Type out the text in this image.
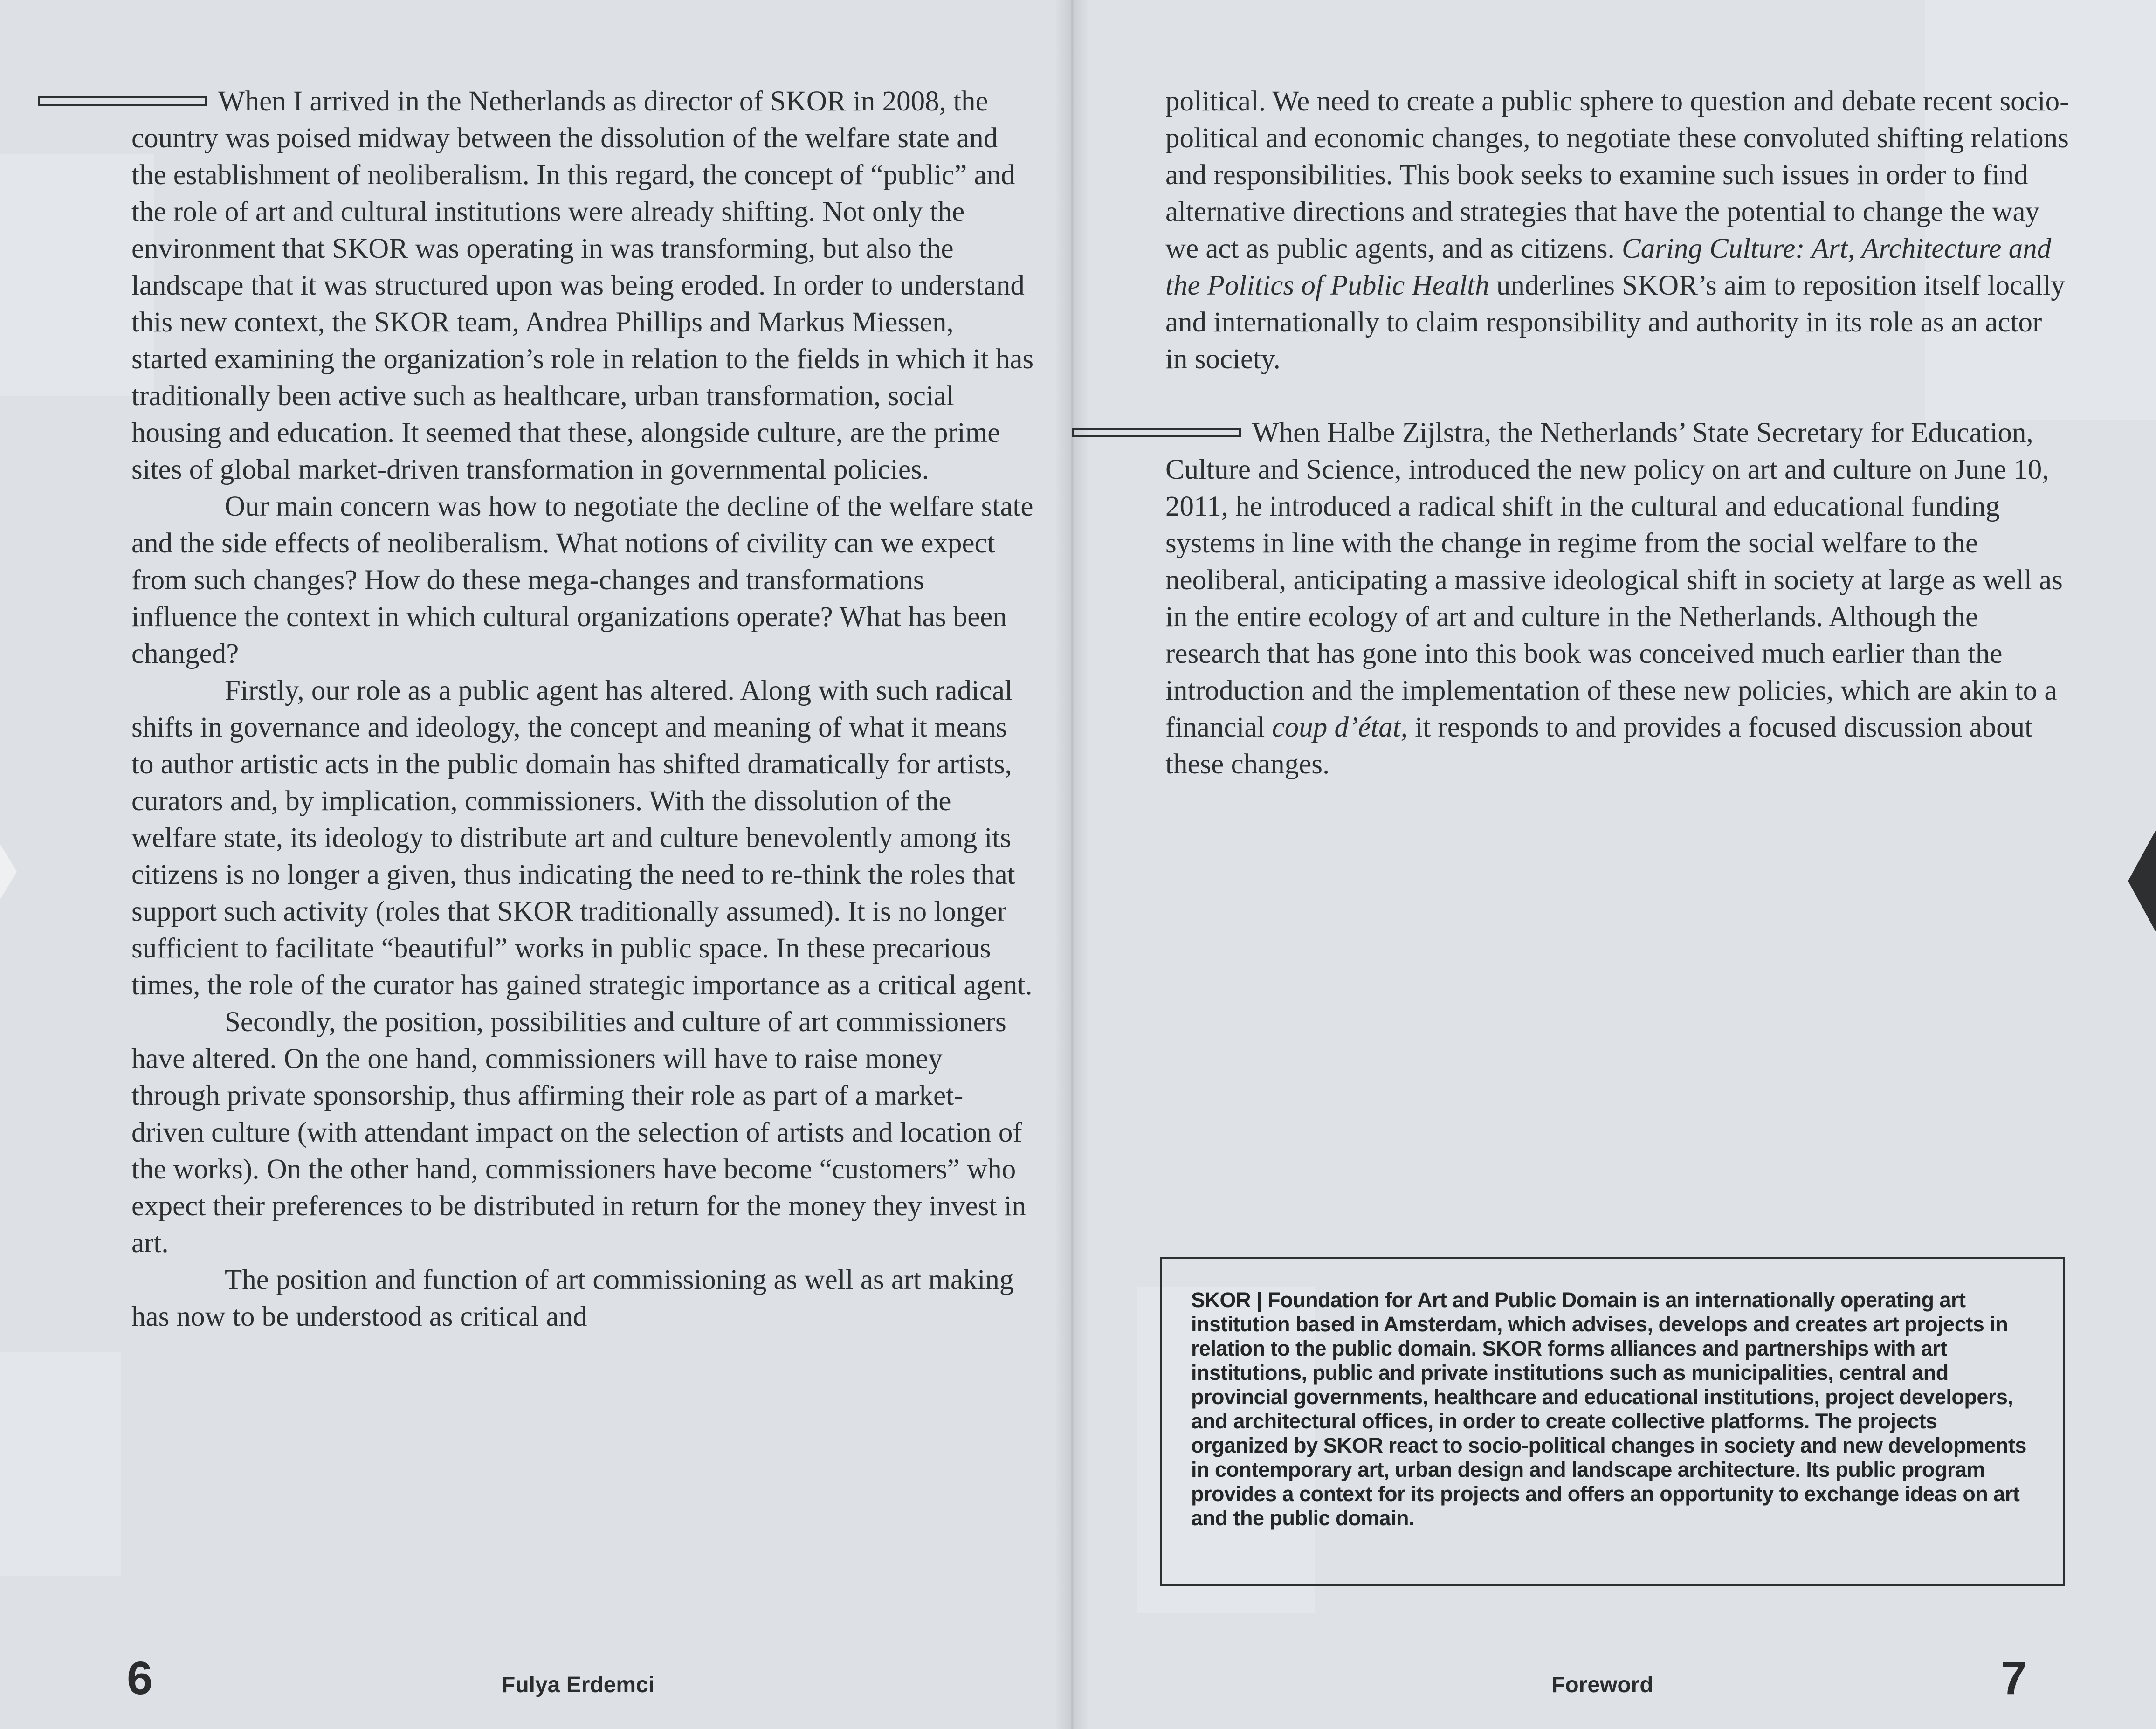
When I arrived in the Netherlands as director of SKOR in 2008, the country was poised midway between the dissolution of the welfare state and the establishment of neoliberalism. In this regard, the concept of “public” and the role of art and cultural institutions were already shifting. Not only the environment that SKOR was operating in was transforming, but also the landscape that it was structured upon was being eroded. In order to understand this new context, the SKOR team, Andrea Phillips and Markus Miessen, started examining the organization’s role in relation to the fields in which it has traditionally been active such as healthcare, urban transformation, social housing and education. It seemed that these, alongside culture, are the prime sites of global market-driven transformation in governmental policies.

Our main concern was how to negotiate the decline of the welfare state and the side effects of neoliberalism. What notions of civility can we expect from such changes? How do these mega-changes and transformations influence the context in which cultural organizations operate? What has been changed?

Firstly, our role as a public agent has altered. Along with such radical shifts in governance and ideology, the concept and meaning of what it means to author artistic acts in the public domain has shifted dramatically for artists, curators and, by implication, commissioners. With the dissolution of the welfare state, its ideology to distribute art and culture benevolently among its citizens is no longer a given, thus indicating the need to re-think the roles that support such activity (roles that SKOR traditionally assumed). It is no longer sufficient to facilitate “beautiful” works in public space. In these precarious times, the role of the curator has gained strategic importance as a critical agent.

Secondly, the position, possibilities and culture of art commissioners have altered. On the one hand, commissioners will have to raise money through private sponsorship, thus affirming their role as part of a market-driven culture (with attendant impact on the selection of artists and location of the works). On the other hand, commissioners have become “customers” who expect their preferences to be distributed in return for the money they invest in art.

The position and function of art commissioning as well as art making has now to be understood as critical and

6	Fulya Erdemci

political. We need to create a public sphere to question and debate recent socio-political and economic changes, to negotiate these convoluted shifting relations and responsibilities. This book seeks to examine such issues in order to find alternative directions and strategies that have the potential to change the way we act as public agents, and as citizens. Caring Culture: Art, Architecture and the Politics of Public Health underlines SKOR’s aim to reposition itself locally and internationally to claim responsibility and authority in its role as an actor in society.

When Halbe Zijlstra, the Netherlands’ State Secretary for Education, Culture and Science, introduced the new policy on art and culture on June 10, 2011, he introduced a radical shift in the cultural and educational funding systems in line with the change in regime from the social welfare to the neoliberal, anticipating a massive ideological shift in society at large as well as in the entire ecology of art and culture in the Netherlands. Although the research that has gone into this book was conceived much earlier than the introduction and the implementation of these new policies, which are akin to a financial coup d’état, it responds to and provides a focused discussion about these changes.

SKOR | Foundation for Art and Public Domain is an internationally operating art institution based in Amsterdam, which advises, develops and creates art projects in relation to the public domain. SKOR forms alliances and partnerships with art institutions, public and private institutions such as municipalities, central and provincial governments, healthcare and educational institutions, project developers, and architectural offices, in order to create collective platforms. The projects organized by SKOR react to socio-political changes in society and new developments in contemporary art, urban design and landscape architecture. Its public program provides a context for its projects and offers an opportunity to exchange ideas on art and the public domain.
Foreword	7
